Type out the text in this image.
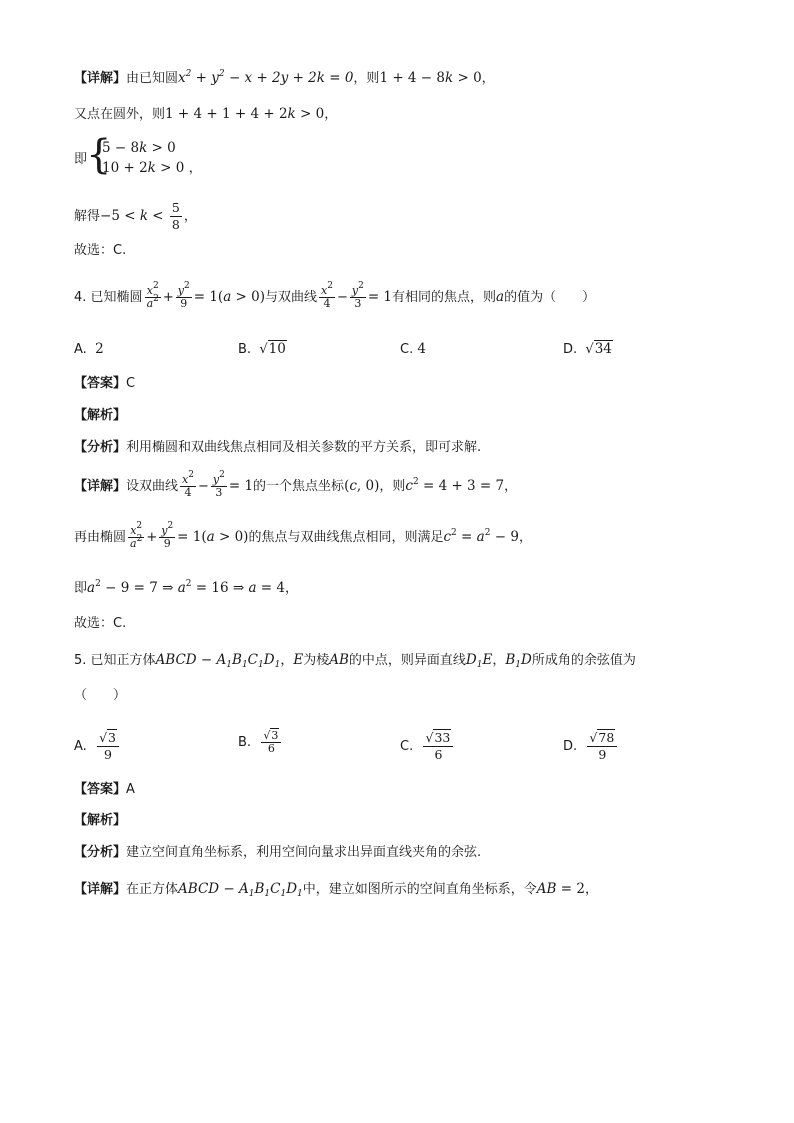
【详解】由已知圆$x^2 + y^2 - x + 2y + 2k = 0$，则1 + 4 − 8k > 0，
又点在圆外，则1 + 4 + 1 + 4 + 2k > 0，
即
{
5 − 8k > 0
10 + 2k > 0 ，
解得$-5 < k < \frac{5}{8}$ ，
故选：C.
4. 已知椭圆 $\frac{x^2}{a^2} + \frac{y^2}{9} = 1(a > 0)$与双曲线 $\frac{x^2}{4} - \frac{y^2}{3} = 1$有相同的焦点，则a的值为（　　）
A. 2	B. √10	C. 4	D. √34
【答案】C
【解析】
【分析】利用椭圆和双曲线焦点相同及相关参数的平方关系，即可求解.
【详解】设双曲线 $\frac{x^2}{4} - \frac{y^2}{3} = 1$的一个焦点坐标(c, 0)，则$c^2 = 4 + 3 = 7$，
再由椭圆 $\frac{x^2}{a^2} + \frac{y^2}{9} = 1(a > 0)$的焦点与双曲线焦点相同，则满足$c^2 = a^2 - 9$，
即$a^2 - 9 = 7$ ⇒ $a^2 = 16$ ⇒ a = 4，
故选：C.
5. 已知正方体ABCD − $A_1B_1C_1D_1$，E为棱AB的中点，则异面直线$D_1E$，$B_1D$所成角的余弦值为
（　　）
A. $\frac{√3}{9}$	B. $\frac{√3}{6}$	C. $\frac{√33}{6}$	D. $\frac{√78}{9}$
【答案】A
【解析】
【分析】建立空间直角坐标系，利用空间向量求出异面直线夹角的余弦.
【详解】在正方体ABCD − $A_1B_1C_1D_1$中，建立如图所示的空间直角坐标系，令AB = 2，
